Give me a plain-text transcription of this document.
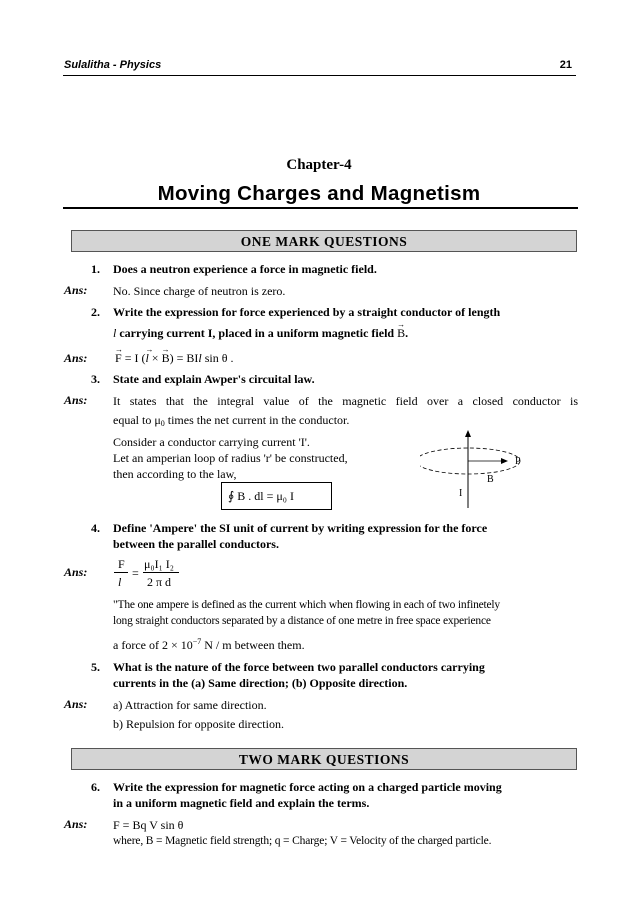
Sulalitha - Physics	21
Chapter-4
Moving Charges and Magnetism
ONE MARK QUESTIONS
1. Does a neutron experience a force in magnetic field.
Ans: No. Since charge of neutron is zero.
2. Write the expression for force experienced by a straight conductor of length
l carrying current I, placed in a uniform magnetic field → B.
Ans:
→ F = I (→ l × → B) = BIl sin θ .
3. State and explain Awper's circuital law.
Ans: It states that the integral value of the magnetic field over a closed conductor is
equal to $\mu_0$ times the net current in the conductor.
Consider a conductor carrying current 'I'.
Let an amperian loop of radius 'r' be constructed,
then according to the law,
∮ B . dl = μ₀ I
P
B
I
4. Define 'Ampere' the SI unit of current by writing expression for the force
between the parallel conductors.
Ans:
F
l
=
μ₀I₁ I₂
2 π d
"The one ampere is defined as the current which when flowing in each of two infinetely
long straight conductors separated by a distance of one metre in free space experience
a force of $2 \times 10^{-7}$ N / m between them.
5. What is the nature of the force between two parallel conductors carrying
currents in the (a) Same direction; (b) Opposite direction.
Ans: a) Attraction for same direction.
b) Repulsion for opposite direction.
TWO MARK QUESTIONS
6. Write the expression for magnetic force acting on a charged particle moving
in a uniform magnetic field and explain the terms.
Ans: F = Bq V sin θ
where, B = Magnetic field strength; q = Charge; V = Velocity of the charged particle.
